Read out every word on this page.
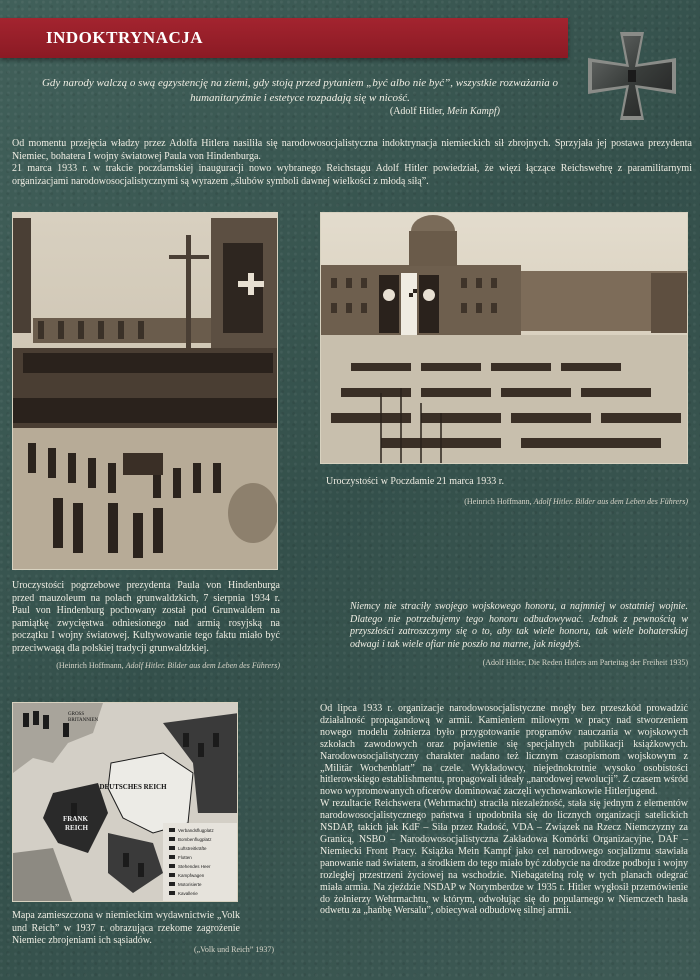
INDOKTRYNACJA
Gdy narody walczą o swą egzystencję na ziemi, gdy stoją przed pytaniem „być albo nie być”, wszystkie rozważania o humanitaryźmie i estetyce rozpadają się w nicość.
(Adolf Hitler, Mein Kampf)

Od momentu przejęcia władzy przez Adolfa Hitlera nasiliła się narodowosocjalistyczna indoktrynacja niemieckich sił zbrojnych. Sprzyjała jej postawa prezydenta Niemiec, bohatera I wojny światowej Paula von Hindenburga.

21 marca 1933 r. w trakcie poczdamskiej inauguracji nowo wybranego Reichstagu Adolf Hitler powiedział, że więzi łączące Reichswehrę z paramilitarnymi organizacjami narodowosocjalistycznymi są wyrazem „ślubów symboli dawnej wielkości z młodą siłą”.

Uroczystości w Poczdamie 21 marca 1933 r.
(Heinrich Hoffmann, Adolf Hitler. Bilder aus dem Leben des Führers)
Uroczystości pogrzebowe prezydenta Paula von Hindenburga przed mauzoleum na polach grunwaldzkich, 7 sierpnia 1934 r. Paul von Hindenburg pochowany został pod Grunwaldem na pamiątkę zwycięstwa odniesionego nad armią rosyjską na początku I wojny światowej. Kultywowanie tego faktu miało być przeciwwagą dla polskiej tradycji grunwaldzkiej.
(Heinrich Hoffmann, Adolf Hitler. Bilder aus dem Leben des Führers)
Niemcy nie straciły swojego wojskowego honoru, a najmniej w ostatniej wojnie. Dlatego nie potrzebujemy tego honoru odbudowywać. Jednak z pewnością w przyszłości zatroszczymy się o to, aby tak wiele honoru, tak wiele bohaterskiej odwagi i tak wiele ofiar nie poszło na marne, jak niegdyś.
(Adolf Hitler, Die Reden Hitlers am Parteitag der Freiheit 1935)
DEUTSCHES REICH
FRANK
REICH
GROSS
BRITANNIEN
Verbandsflugplatz
Bombenflugplatz
Luftstreitkräfte
Flotten
Stehendes Heer
Kampfwagen
Motorisierte
Kavallerie
Mapa zamieszczona w niemieckim wydawnictwie „Volk und Reich” w 1937 r. obrazująca rzekome zagrożenie Niemiec zbrojeniami ich sąsiadów.
(„Volk und Reich” 1937)

Od lipca 1933 r. organizacje narodowosocjalistyczne mogły bez przeszkód prowadzić działalność propagandową w armii. Kamieniem milowym w pracy nad stworzeniem nowego modelu żołnierza było przygotowanie programów nauczania w wojskowych szkołach zawodowych oraz pojawienie się specjalnych publikacji książkowych. Narodowosocjalistyczny charakter nadano też licznym czasopismom wojskowym z „Militär Wochenblatt” na czele. Wykładowcy, niejednokrotnie wysoko osobistości hitlerowskiego establishmentu, propagowali ideały „narodowej rewolucji”. Z czasem wśród nowo wypromowanych oficerów dominować zaczęli wychowankowie Hitlerjugend.

W rezultacie Reichswera (Wehrmacht) straciła niezależność, stała się jednym z elementów narodowosocjalistycznego państwa i upodobniła się do licznych organizacji satelickich NSDAP, takich jak KdF – Siła przez Radość, VDA – Związek na Rzecz Niemczyzny za Granicą, NSBO – Narodowosocjalistyczna Zakładowa Komórki Organizacyjne, DAF – Niemiecki Front Pracy. Książka Mein Kampf jako cel narodowego socjalizmu stawiała panowanie nad światem, a środkiem do tego miało być zdobycie na drodze podboju i wojny rozległej przestrzeni życiowej na wschodzie. Niebagatelną rolę w tych planach odegrać miała armia. Na zjeździe NSDAP w Norymberdze w 1935 r. Hitler wygłosił przemówienie do żołnierzy Wehrmachtu, w którym, odwołując się do popularnego w Niemczech hasła odwetu za „hańbę Wersalu”, obiecywał odbudowę silnej armii.
